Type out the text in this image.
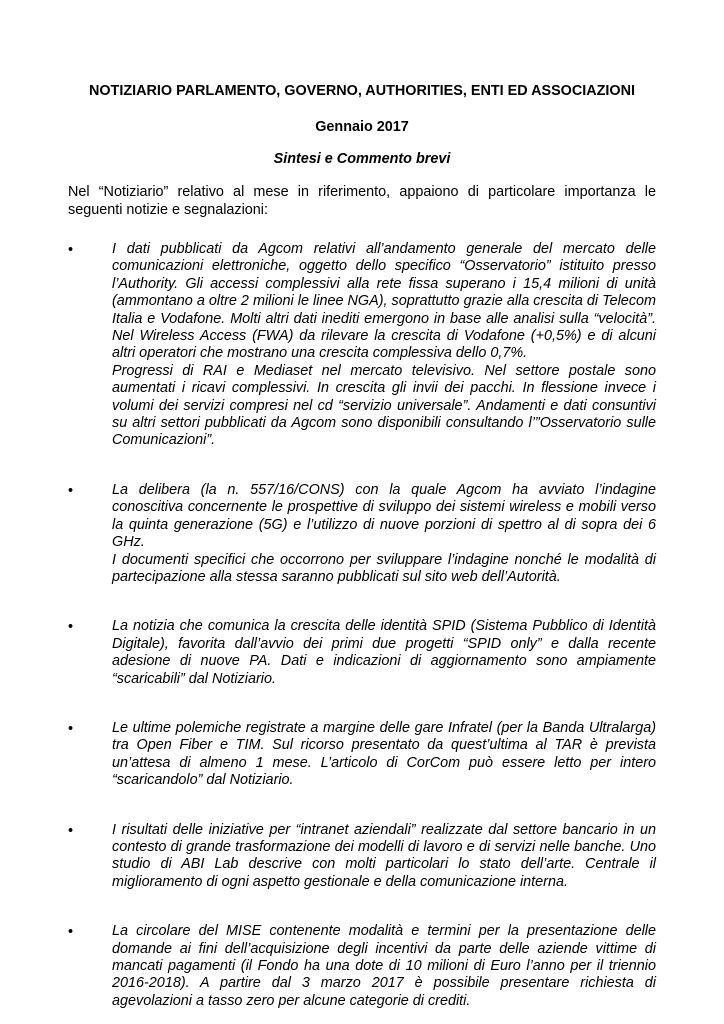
NOTIZIARIO PARLAMENTO, GOVERNO, AUTHORITIES, ENTI ED ASSOCIAZIONI
Gennaio 2017
Sintesi e Commento brevi
Nel “Notiziario” relativo al mese in riferimento, appaiono di particolare importanza le seguenti notizie e segnalazioni:
•	I dati pubblicati da Agcom relativi all’andamento generale del mercato delle comunicazioni elettroniche, oggetto dello specifico “Osservatorio” istituito presso l’Authority. Gli accessi complessivi alla rete fissa superano i 15,4 milioni di unità (ammontano a oltre 2 milioni le linee NGA), soprattutto grazie alla crescita di Telecom Italia e Vodafone. Molti altri dati inediti emergono in base alle analisi sulla “velocità”. Nel Wireless Access (FWA) da rilevare la crescita di Vodafone (+0,5%) e di alcuni altri operatori che mostrano una crescita complessiva dello 0,7%.

Progressi di RAI e Mediaset nel mercato televisivo. Nel settore postale sono aumentati i ricavi complessivi. In crescita gli invii dei pacchi. In flessione invece i volumi dei servizi compresi nel cd “servizio universale”. Andamenti e dati consuntivi su altri settori pubblicati da Agcom sono disponibili consultando l’”Osservatorio sulle Comunicazioni”.

•	La delibera (la n. 557/16/CONS) con la quale Agcom ha avviato l’indagine conoscitiva concernente le prospettive di sviluppo dei sistemi wireless e mobili verso la quinta generazione (5G) e l’utilizzo di nuove porzioni di spettro al di sopra dei 6 GHz.

I documenti specifici che occorrono per sviluppare l’indagine nonché le modalità di partecipazione alla stessa saranno pubblicati sul sito web dell’Autorità.

•	La notizia che comunica la crescita delle identità SPID (Sistema Pubblico di Identità Digitale), favorita dall’avvio dei primi due progetti “SPID only” e dalla recente adesione di nuove PA. Dati e indicazioni di aggiornamento sono ampiamente “scaricabili” dal Notiziario.

•	Le ultime polemiche registrate a margine delle gare Infratel (per la Banda Ultralarga) tra Open Fiber e TIM. Sul ricorso presentato da quest’ultima al TAR è prevista un’attesa di almeno 1 mese. L’articolo di CorCom può essere letto per intero “scaricandolo” dal Notiziario.

•	I risultati delle iniziative per “intranet aziendali” realizzate dal settore bancario in un contesto di grande trasformazione dei modelli di lavoro e di servizi nelle banche. Uno studio di ABI Lab descrive con molti particolari lo stato dell’arte. Centrale il miglioramento di ogni aspetto gestionale e della comunicazione interna.

•	La circolare del MISE contenente modalità e termini per la presentazione delle domande ai fini dell’acquisizione degli incentivi da parte delle aziende vittime di mancati pagamenti (il Fondo ha una dote di 10 milioni di Euro l’anno per il triennio 2016-2018). A partire dal 3 marzo 2017 è possibile presentare richiesta di agevolazioni a tasso zero per alcune categorie di crediti.
